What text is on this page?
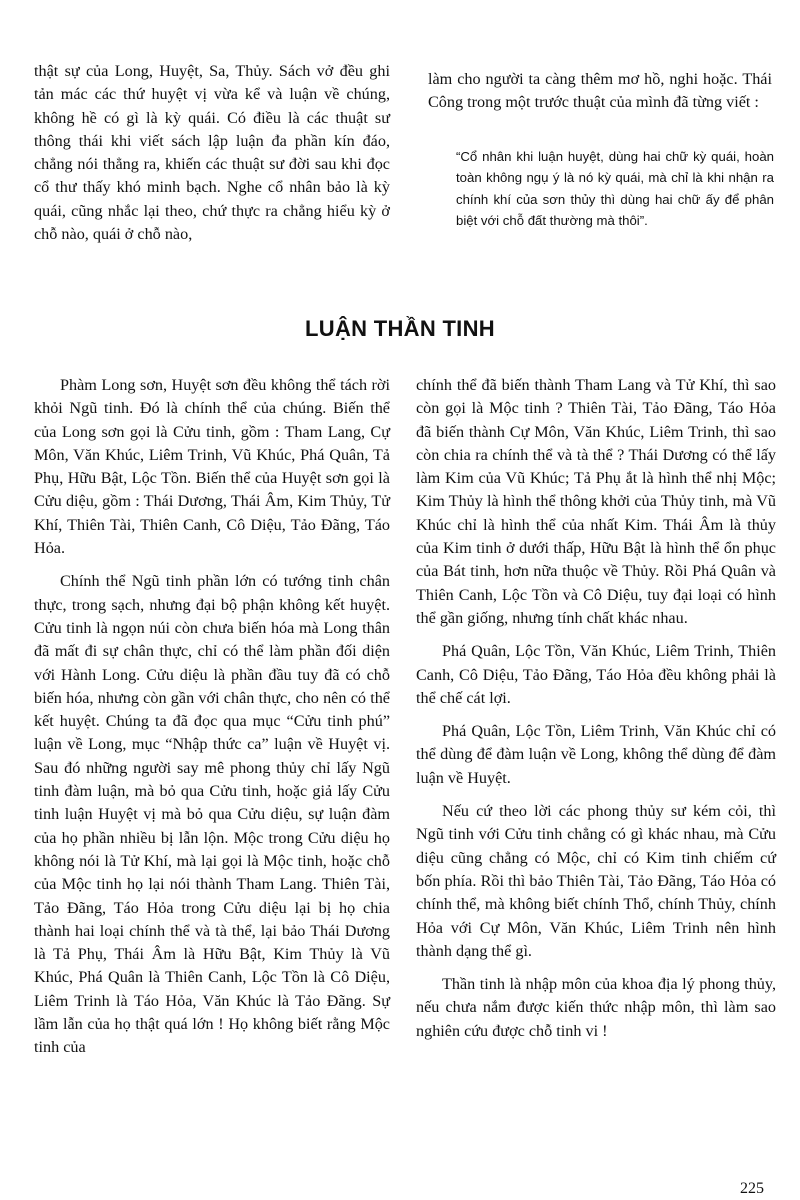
thật sự của Long, Huyệt, Sa, Thủy. Sách vở đều ghi tản mác các thứ huyệt vị vừa kể và luận về chúng, không hề có gì là kỳ quái. Có điều là các thuật sư thông thái khi viết sách lập luận đa phần kín đáo, chẳng nói thẳng ra, khiến các thuật sư đời sau khi đọc cổ thư thấy khó minh bạch. Nghe cổ nhân bảo là kỳ quái, cũng nhắc lại theo, chứ thực ra chẳng hiểu kỳ ở chỗ nào, quái ở chỗ nào,

làm cho người ta càng thêm mơ hồ, nghi hoặc. Thái Công trong một trước thuật của mình đã từng viết :

“Cổ nhân khi luận huyệt, dùng hai chữ kỳ quái, hoàn toàn không ngụ ý là nó kỳ quái, mà chỉ là khi nhận ra chính khí của sơn thủy thì dùng hai chữ ấy để phân biệt với chỗ đất thường mà thôi”.

LUẬN THẦN TINH

Phàm Long sơn, Huyệt sơn đều không thể tách rời khỏi Ngũ tinh. Đó là chính thể của chúng. Biến thể của Long sơn gọi là Cửu tinh, gồm : Tham Lang, Cự Môn, Văn Khúc, Liêm Trinh, Vũ Khúc, Phá Quân, Tả Phụ, Hữu Bật, Lộc Tồn. Biến thể của Huyệt sơn gọi là Cửu diệu, gồm : Thái Dương, Thái Âm, Kim Thủy, Tử Khí, Thiên Tài, Thiên Canh, Cô Diệu, Tảo Đãng, Táo Hỏa.

Chính thể Ngũ tinh phần lớn có tướng tinh chân thực, trong sạch, nhưng đại bộ phận không kết huyệt. Cửu tinh là ngọn núi còn chưa biến hóa mà Long thân đã mất đi sự chân thực, chỉ có thể làm phần đối diện với Hành Long. Cửu diệu là phần đầu tuy đã có chỗ biến hóa, nhưng còn gần với chân thực, cho nên có thể kết huyệt. Chúng ta đã đọc qua mục “Cửu tinh phú” luận về Long, mục “Nhập thức ca” luận về Huyệt vị. Sau đó những người say mê phong thủy chỉ lấy Ngũ tinh đàm luận, mà bỏ qua Cửu tinh, hoặc giả lấy Cửu tinh luận Huyệt vị mà bỏ qua Cửu diệu, sự luận đàm của họ phần nhiều bị lẫn lộn. Mộc trong Cửu diệu họ không nói là Tử Khí, mà lại gọi là Mộc tinh, hoặc chỗ của Mộc tinh họ lại nói thành Tham Lang. Thiên Tài, Tảo Đãng, Táo Hỏa trong Cửu diệu lại bị họ chia thành hai loại chính thể và tà thể, lại bảo Thái Dương là Tả Phụ, Thái Âm là Hữu Bật, Kim Thủy là Vũ Khúc, Phá Quân là Thiên Canh, Lộc Tồn là Cô Diệu, Liêm Trinh là Táo Hỏa, Văn Khúc là Tảo Đãng. Sự lầm lẫn của họ thật quá lớn ! Họ không biết rằng Mộc tinh của

chính thể đã biến thành Tham Lang và Tử Khí, thì sao còn gọi là Mộc tinh ? Thiên Tài, Tảo Đãng, Táo Hỏa đã biến thành Cự Môn, Văn Khúc, Liêm Trinh, thì sao còn chia ra chính thể và tà thể ? Thái Dương có thể lấy làm Kim của Vũ Khúc; Tả Phụ ắt là hình thể nhị Mộc; Kim Thủy là hình thể thông khởi của Thủy tinh, mà Vũ Khúc chỉ là hình thể của nhất Kim. Thái Âm là thủy của Kim tinh ở dưới thấp, Hữu Bật là hình thể ổn phục của Bát tinh, hơn nữa thuộc về Thủy. Rồi Phá Quân và Thiên Canh, Lộc Tồn và Cô Diệu, tuy đại loại có hình thể gần giống, nhưng tính chất khác nhau.

Phá Quân, Lộc Tồn, Văn Khúc, Liêm Trinh, Thiên Canh, Cô Diệu, Tảo Đãng, Táo Hỏa đều không phải là thể chế cát lợi.

Phá Quân, Lộc Tồn, Liêm Trinh, Văn Khúc chỉ có thể dùng để đàm luận về Long, không thể dùng để đàm luận về Huyệt.

Nếu cứ theo lời các phong thủy sư kém cỏi, thì Ngũ tinh với Cửu tinh chẳng có gì khác nhau, mà Cửu diệu cũng chẳng có Mộc, chỉ có Kim tinh chiếm cứ bốn phía. Rồi thì bảo Thiên Tài, Tảo Đãng, Táo Hỏa có chính thể, mà không biết chính Thổ, chính Thủy, chính Hỏa với Cự Môn, Văn Khúc, Liêm Trinh nên hình thành dạng thể gì.

Thần tinh là nhập môn của khoa địa lý phong thủy, nếu chưa nắm được kiến thức nhập môn, thì làm sao nghiên cứu được chỗ tinh vi !

225
